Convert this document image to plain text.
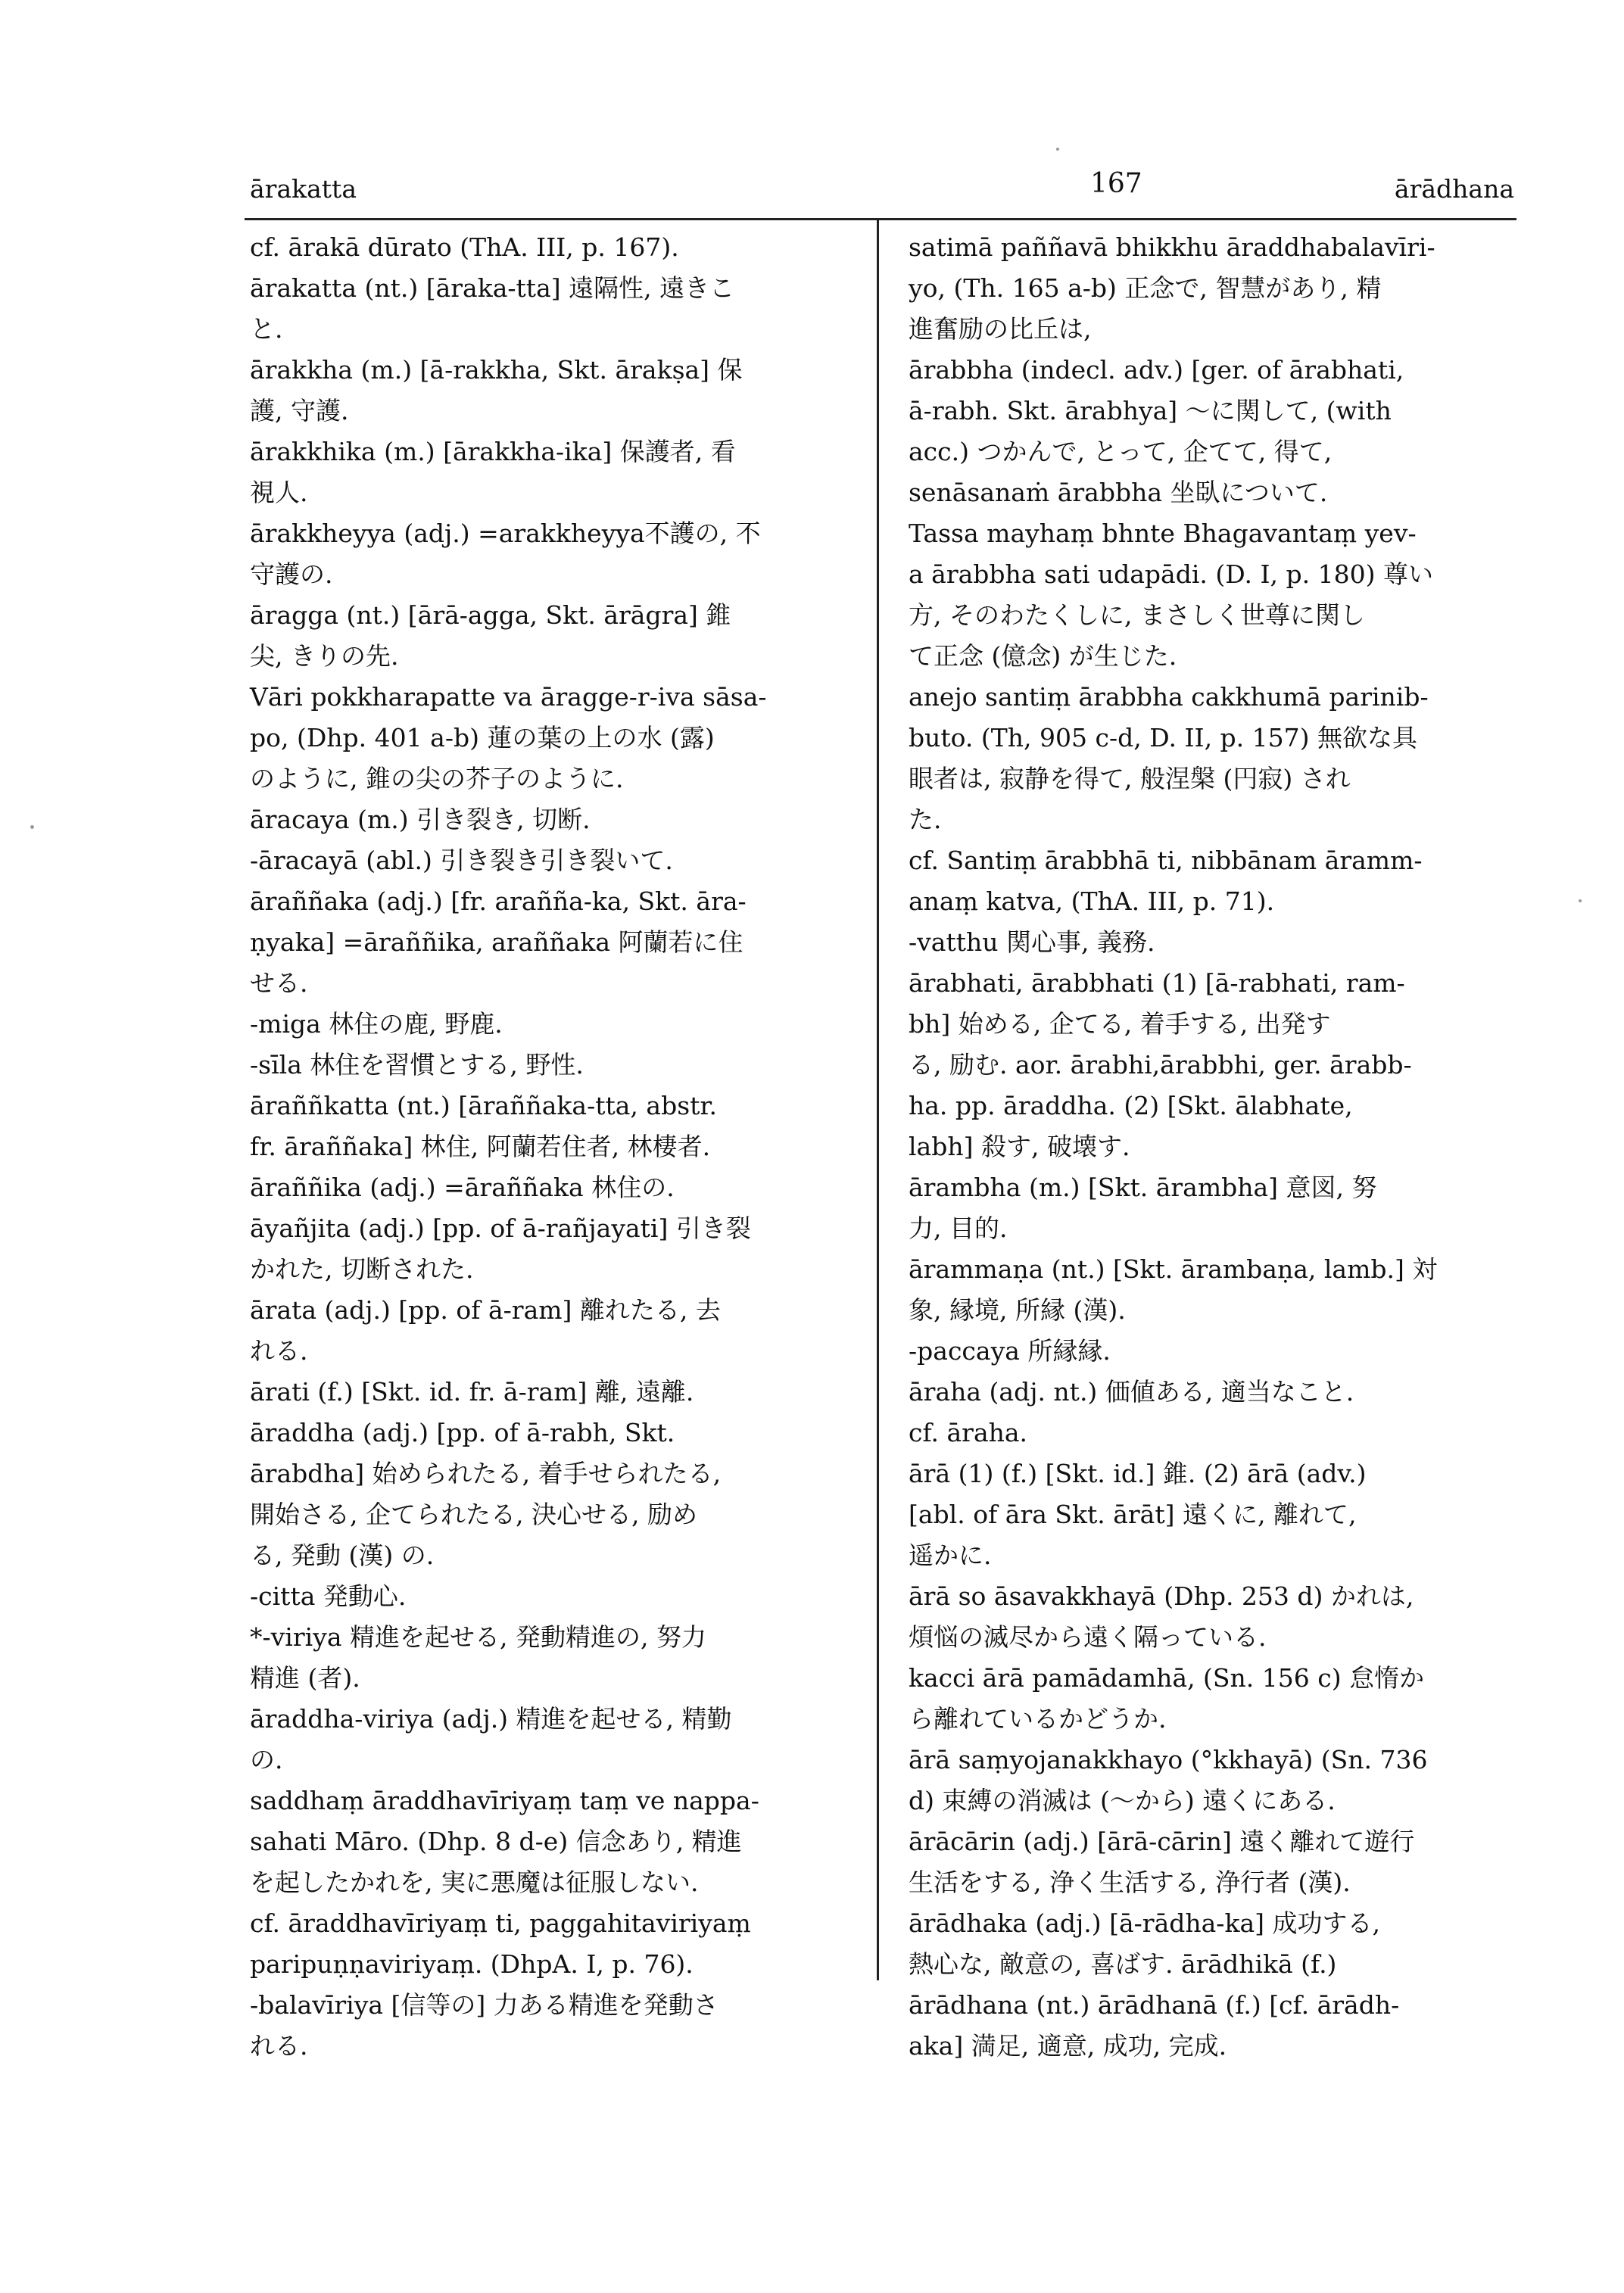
ārakatta	167	ārādhana
cf. ārakā dūrato (ThA. III, p. 167).
ārakatta (nt.) [āraka-tta] 遠隔性, 遠きこ
と.
ārakkha (m.) [ā-rakkha, Skt. ārakṣa] 保
護, 守護.
ārakkhika (m.) [ārakkha-ika] 保護者, 看
視人.
ārakkheyya (adj.) =arakkheyya不護の, 不
守護の.
āragga (nt.) [ārā-agga, Skt. ārāgra] 錐
尖, きりの先.
Vāri pokkharapatte va āragge-r-iva sāsa-
po, (Dhp. 401 a-b) 蓮の葉の上の水 (露)
のように, 錐の尖の芥子のように.
āracaya (m.) 引き裂き, 切断.
-āracayā (abl.) 引き裂き引き裂いて.
āraññaka (adj.) [fr. arañña-ka, Skt. āra-
ṇyaka] =āraññika, araññaka 阿蘭若に住
せる.
-miga 林住の鹿, 野鹿.
-sīla 林住を習慣とする, 野性.
āraññkatta (nt.) [āraññaka-tta, abstr.
fr. āraññaka] 林住, 阿蘭若住者, 林棲者.
āraññika (adj.) =āraññaka 林住の.
āyañjita (adj.) [pp. of ā-rañjayati] 引き裂
かれた, 切断された.
ārata (adj.) [pp. of ā-ram] 離れたる, 去
れる.
ārati (f.) [Skt. id. fr. ā-ram] 離, 遠離.
āraddha (adj.) [pp. of ā-rabh, Skt.
ārabdha] 始められたる, 着手せられたる,
開始さる, 企てられたる, 決心せる, 励め
る, 発動 (漢) の.
-citta 発動心.
*-viriya 精進を起せる, 発動精進の, 努力
精進 (者).
āraddha-viriya (adj.) 精進を起せる, 精勤
の.
saddhaṃ āraddhavīriyaṃ taṃ ve nappa-
sahati Māro. (Dhp. 8 d-e) 信念あり, 精進
を起したかれを, 実に悪魔は征服しない.
cf. āraddhavīriyaṃ ti, paggahitaviriyaṃ
paripuṇṇaviriyaṃ. (DhpA. I, p. 76).
-balavīriya [信等の] 力ある精進を発動さ
れる.
satimā paññavā bhikkhu āraddhabalavīri-
yo, (Th. 165 a-b) 正念で, 智慧があり, 精
進奮励の比丘は,
ārabbha (indecl. adv.) [ger. of ārabhati,
ā-rabh. Skt. ārabhya] ～に関して, (with
acc.) つかんで, とって, 企てて, 得て,
senāsanaṁ ārabbha 坐臥について.
Tassa mayhaṃ bhnte Bhagavantaṃ yev-
a ārabbha sati udapādi. (D. I, p. 180) 尊い
方, そのわたくしに, まさしく世尊に関し
て正念 (億念) が生じた.
anejo santiṃ ārabbha cakkhumā parinib-
buto. (Th, 905 c-d, D. II, p. 157) 無欲な具
眼者は, 寂静を得て, 般涅槃 (円寂) され
た.
cf. Santiṃ ārabbhā ti, nibbānam āramm-
anaṃ katva, (ThA. III, p. 71).
-vatthu 関心事, 義務.
ārabhati, ārabbhati (1) [ā-rabhati, ram-
bh] 始める, 企てる, 着手する, 出発す
る, 励む. aor. ārabhi,ārabbhi, ger. ārabb-
ha. pp. āraddha. (2) [Skt. ālabhate,
labh] 殺す, 破壊す.
ārambha (m.) [Skt. ārambha] 意図, 努
力, 目的.
ārammaṇa (nt.) [Skt. ārambaṇa, lamb.] 対
象, 縁境, 所縁 (漢).
-paccaya 所縁縁.
āraha (adj. nt.) 価値ある, 適当なこと.
cf. āraha.
ārā (1) (f.) [Skt. id.] 錐. (2) ārā (adv.)
[abl. of āra Skt. ārāt] 遠くに, 離れて,
遥かに.
ārā so āsavakkhayā (Dhp. 253 d) かれは,
煩悩の滅尽から遠く隔っている.
kacci ārā pamādamhā, (Sn. 156 c) 怠惰か
ら離れているかどうか.
ārā saṃyojanakkhayo (°kkhayā) (Sn. 736
d) 束縛の消滅は (～から) 遠くにある.
ārācārin (adj.) [ārā-cārin] 遠く離れて遊行
生活をする, 浄く生活する, 浄行者 (漢).
ārādhaka (adj.) [ā-rādha-ka] 成功する,
熱心な, 敵意の, 喜ばす. ārādhikā (f.)
ārādhana (nt.) ārādhanā (f.) [cf. ārādh-
aka] 満足, 適意, 成功, 完成.
